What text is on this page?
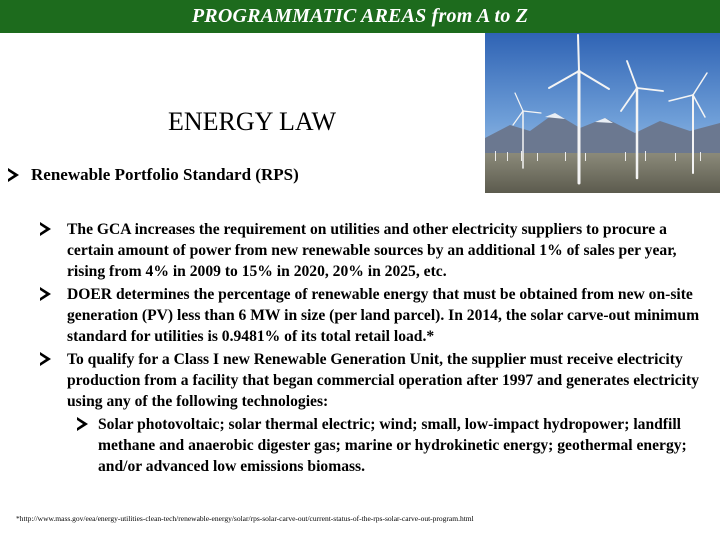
PROGRAMMATIC AREAS from A to Z
ENERGY LAW
Renewable Portfolio Standard (RPS)
The GCA increases the requirement on utilities and other electricity suppliers to procure a certain amount of power from new renewable sources by an additional 1% of sales per year, rising from 4% in 2009 to 15% in 2020, 20% in 2025, etc.
DOER determines the percentage of renewable energy that must be obtained from new on-site generation (PV) less than 6 MW in size (per land parcel). In 2014, the solar carve-out minimum standard for utilities is 0.9481% of its total retail load.*
To qualify for a Class I new Renewable Generation Unit, the supplier must receive electricity production from a facility that began commercial operation after 1997 and generates electricity using any of the following technologies:
Solar photovoltaic; solar thermal electric; wind; small, low-impact hydropower; landfill methane and anaerobic digester gas; marine or hydrokinetic energy; geothermal energy; and/or advanced low emissions biomass.
*http://www.mass.gov/eea/energy-utilities-clean-tech/renewable-energy/solar/rps-solar-carve-out/current-status-of-the-rps-solar-carve-out-program.html
